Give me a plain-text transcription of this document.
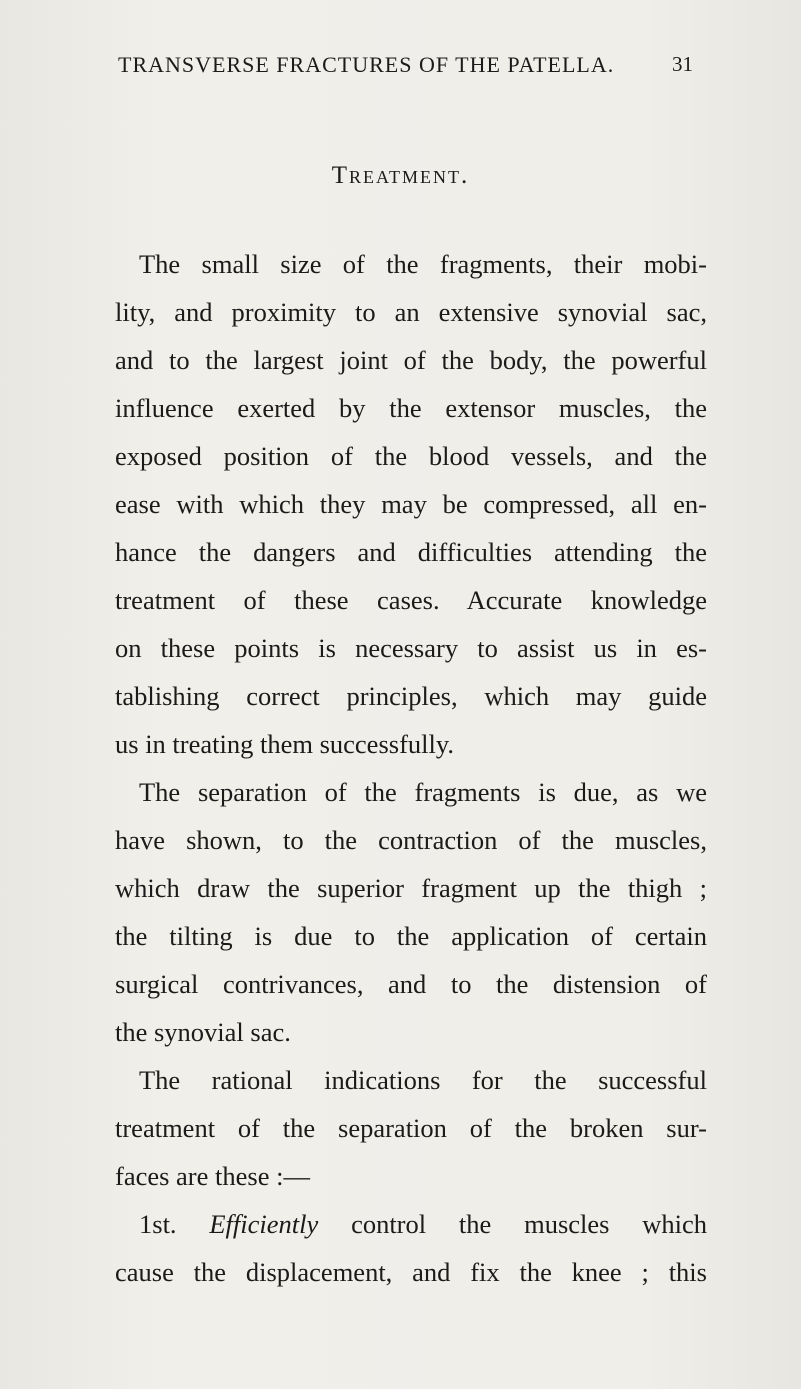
TRANSVERSE FRACTURES OF THE PATELLA.	31
Treatment.
The small size of the fragments, their mobi-
lity, and proximity to an extensive synovial sac,
and to the largest joint of the body, the powerful
influence exerted by the extensor muscles, the
exposed position of the blood vessels, and the
ease with which they may be compressed, all en-
hance the dangers and difficulties attending the
treatment of these cases. Accurate knowledge
on these points is necessary to assist us in es-
tablishing correct principles, which may guide
us in treating them successfully.
The separation of the fragments is due, as we
have shown, to the contraction of the muscles,
which draw the superior fragment up the thigh ;
the tilting is due to the application of certain
surgical contrivances, and to the distension of
the synovial sac.
The rational indications for the successful
treatment of the separation of the broken sur-
faces are these :—
1st. Efficiently control the muscles which
cause the displacement, and fix the knee ; this
